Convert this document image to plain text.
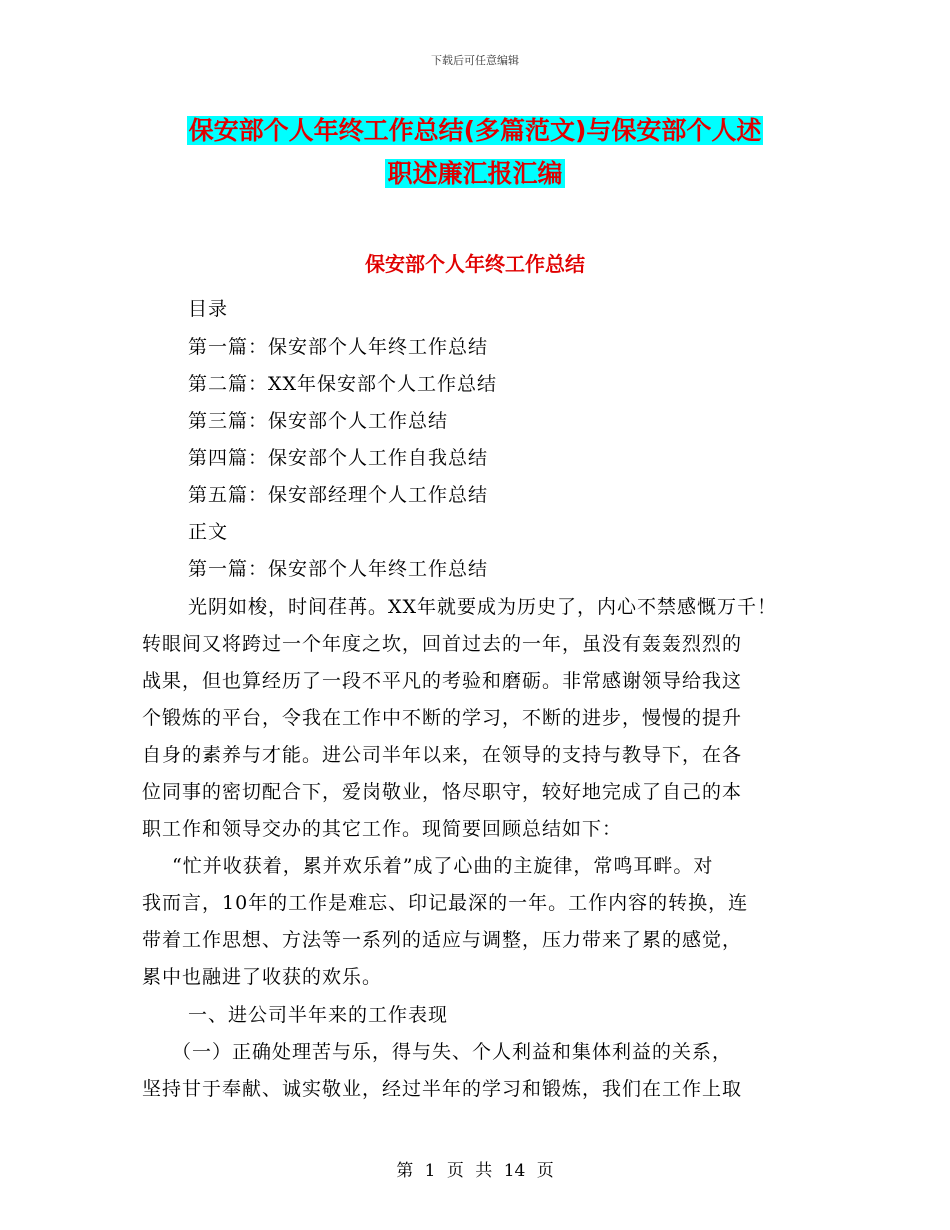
下载后可任意编辑
保安部个人年终工作总结(多篇范文)与保安部个人述
职述廉汇报汇编
保安部个人年终工作总结
目录
第一篇：保安部个人年终工作总结
第二篇：XX年保安部个人工作总结
第三篇：保安部个人工作总结
第四篇：保安部个人工作自我总结
第五篇：保安部经理个人工作总结
正文
第一篇：保安部个人年终工作总结
光阴如梭，时间荏苒。XX年就要成为历史了，内心不禁感慨万千！
转眼间又将跨过一个年度之坎，回首过去的一年，虽没有轰轰烈烈的
战果，但也算经历了一段不平凡的考验和磨砺。非常感谢领导给我这
个锻炼的平台，令我在工作中不断的学习，不断的进步，慢慢的提升
自身的素养与才能。进公司半年以来，在领导的支持与教导下，在各
位同事的密切配合下，爱岗敬业，恪尽职守，较好地完成了自己的本
职工作和领导交办的其它工作。现简要回顾总结如下：
“忙并收获着，累并欢乐着”成了心曲的主旋律，常鸣耳畔。对
我而言，10年的工作是难忘、印记最深的一年。工作内容的转换，连
带着工作思想、方法等一系列的适应与调整，压力带来了累的感觉，
累中也融进了收获的欢乐。
一、进公司半年来的工作表现
（一）正确处理苦与乐，得与失、个人利益和集体利益的关系，
坚持甘于奉献、诚实敬业，经过半年的学习和锻炼，我们在工作上取
第 1 页 共 14 页
